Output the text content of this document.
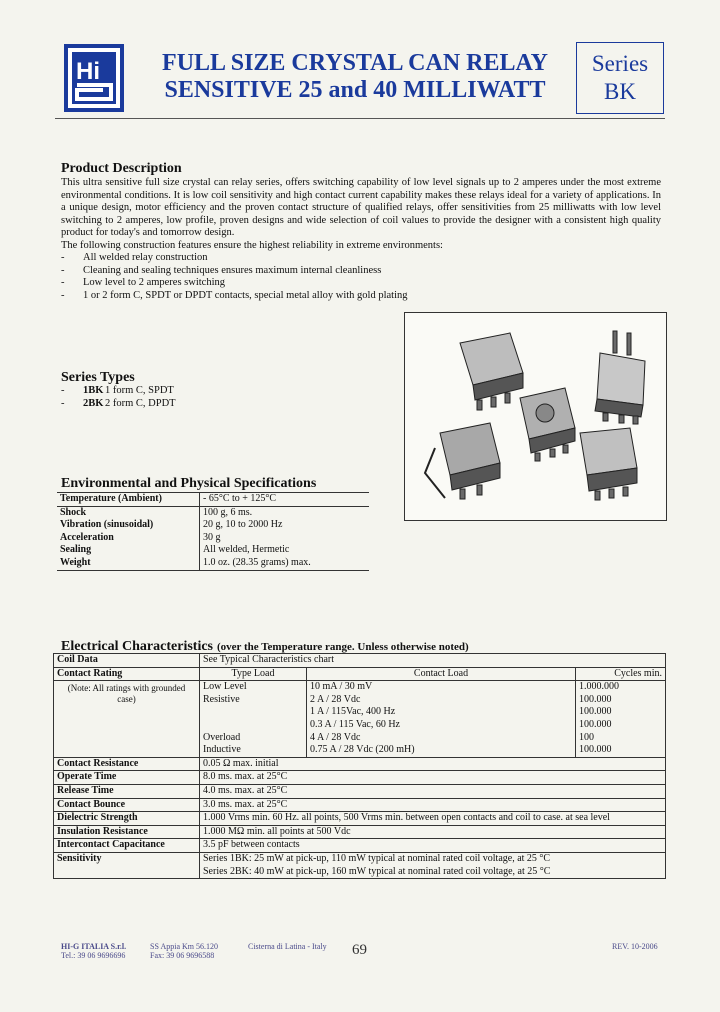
Hi	FULL SIZE CRYSTAL CAN RELAY
SENSITIVE 25 and 40 MILLIWATT
Series
BK
Product Description
This ultra sensitive full size crystal can relay series, offers switching capability of low level signals up to 2 amperes under the most extreme environmental conditions. It is low coil sensitivity and high contact current capability makes these relays ideal for a variety of applications. In a unique design, motor efficiency and the proven contact structure of qualified relays, offer sensitivities from 25 milliwatts with low level switching to 2 amperes, low profile, proven designs and wide selection of coil values to provide the designer with a consistent high quality product for today's and tomorrow design.
The following construction features ensure the highest reliability in extreme environments:
- All welded relay construction
- Cleaning and sealing techniques ensures maximum internal cleanliness
- Low level to 2 amperes switching
- 1 or 2 form C, SPDT or DPDT contacts, special metal alloy with gold plating
Series Types
- 1BK 1 form C, SPDT
- 2BK 2 form C, DPDT
Environmental and Physical Specifications
Temperature (Ambient)	- 65°C to + 125°C
Shock	100 g, 6 ms.
Vibration (sinusoidal)	20 g, 10 to 2000 Hz
Acceleration	30 g
Sealing	All welded, Hermetic
Weight	1.0 oz. (28.35 grams) max.
Electrical Characteristics (over the Temperature range. Unless otherwise noted)
Coil Data	See Typical Characteristics chart

Contact Rating
(Note: All ratings with grounded case)

Type Load	Contact Load	Cycles min.
Low Level	10 mA / 30 mV	1.000.000
Resistive	2 A / 28 Vdc	100.000
	1 A / 115Vac, 400 Hz	100.000
	0.3 A / 115 Vac, 60 Hz	100.000
Overload	4 A / 28 Vdc	100
Inductive	0.75 A / 28 Vdc (200 mH)	100.000

Contact Resistance	0.05 Ω max. initial
Operate Time	8.0 ms. max. at 25°C
Release Time	4.0 ms. max. at 25°C
Contact Bounce	3.0 ms. max. at 25°C
Dielectric Strength	1.000 Vrms min. 60 Hz. all points, 500 Vrms min. between open contacts and coil to case. at sea level
Insulation Resistance	1.000 MΩ min. all points at 500 Vdc
Intercontact Capacitance	3.5 pF between contacts
Sensitivity	Series 1BK: 25 mW at pick-up, 110 mW typical at nominal rated coil voltage, at 25 °C
Series 2BK: 40 mW at pick-up, 160 mW typical at nominal rated coil voltage, at 25 °C
HI-G ITALIA S.r.l.
Tel.: 39 06 9696696
SS Appia Km 56.120
Fax: 39 06 9696588
Cisterna di Latina - Italy 69	REV. 10-2006
